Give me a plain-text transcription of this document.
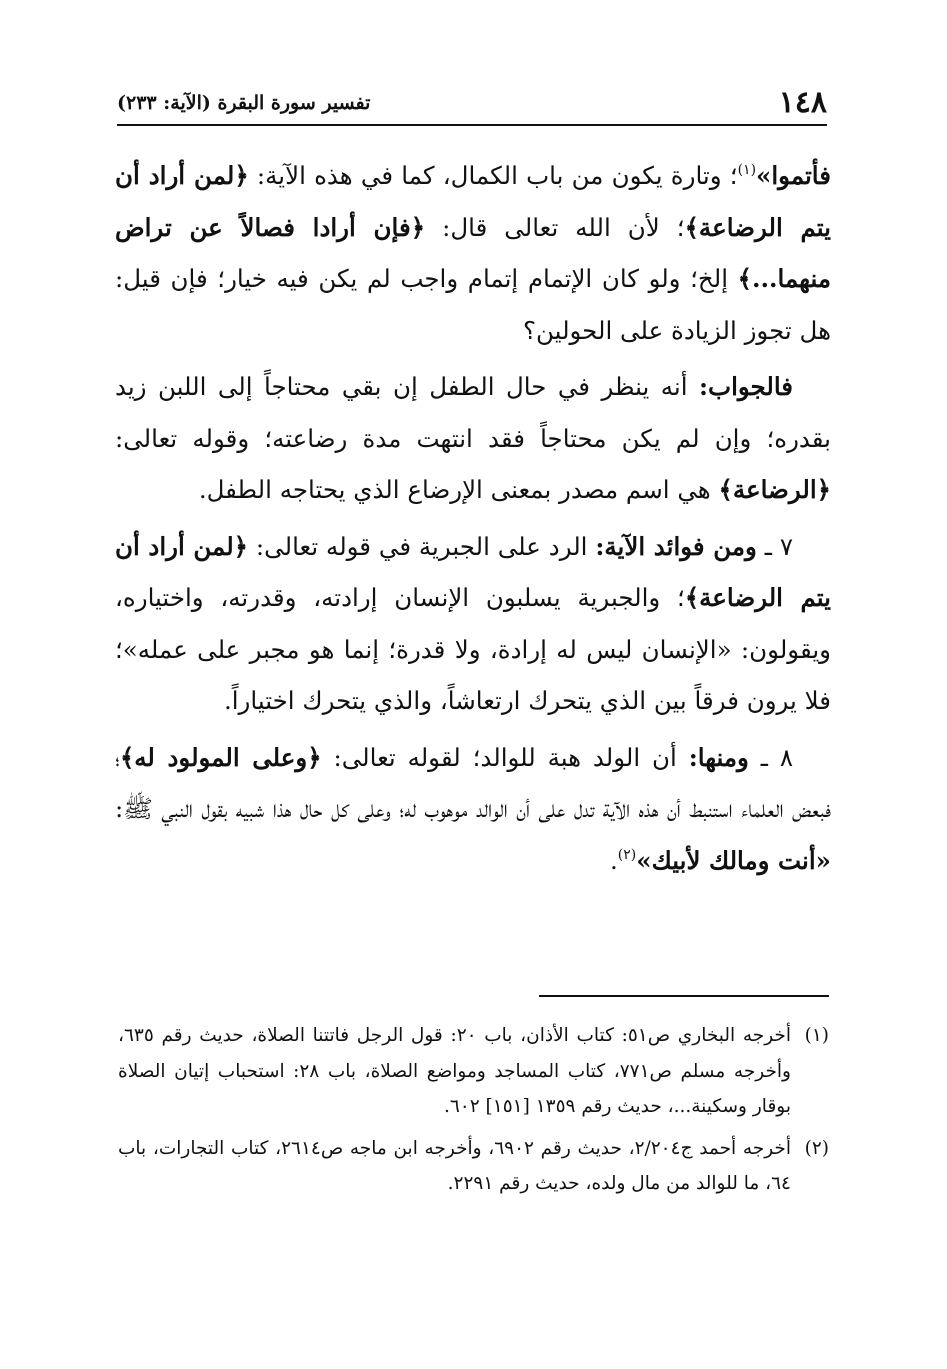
١٤٨
تفسير سورة البقرة (الآية: ٢٣٣)

فأتموا»$^{(١)}$؛ وتارة يكون من باب الكمال، كما في هذه الآية: ﴿لمن أراد أن يتم الرضاعة﴾؛ لأن الله تعالى قال: ﴿فإن أرادا فصالاً عن تراض منهما...﴾ إلخ؛ ولو كان الإتمام إتمام واجب لم يكن فيه خيار؛ فإن قيل: هل تجوز الزيادة على الحولين؟

فالجواب: أنه ينظر في حال الطفل إن بقي محتاجاً إلى اللبن زيد بقدره؛ وإن لم يكن محتاجاً فقد انتهت مدة رضاعته؛ وقوله تعالى: ﴿الرضاعة﴾ هي اسم مصدر بمعنى الإرضاع الذي يحتاجه الطفل.

٧ ـ ومن فوائد الآية: الرد على الجبرية في قوله تعالى: ﴿لمن أراد أن يتم الرضاعة﴾؛ والجبرية يسلبون الإنسان إرادته، وقدرته، واختياره، ويقولون: «الإنسان ليس له إرادة، ولا قدرة؛ إنما هو مجبر على عمله»؛ فلا يرون فرقاً بين الذي يتحرك ارتعاشاً، والذي يتحرك اختياراً.

٨ ـ ومنها: أن الولد هبة للوالد؛ لقوله تعالى: ﴿وعلى المولود له﴾؛ فبعض العلماء استنبط أن هذه الآية تدل على أن الوالد موهوب له؛ وعلى كل حال هذا شبيه بقول النبي ﷺ: «أنت ومالك لأبيك»$^{(٢)}$.

(١)
أخرجه البخاري ص٥١: كتاب الأذان، باب ٢٠: قول الرجل فاتتنا الصلاة، حديث رقم ٦٣٥، وأخرجه مسلم ص٧٧١، كتاب المساجد ومواضع الصلاة، باب ٢٨: استحباب إتيان الصلاة بوقار وسكينة...، حديث رقم ١٣٥٩ [١٥١] ٦٠٢.
(٢)
أخرجه أحمد ج٢/٢٠٤، حديث رقم ٦٩٠٢، وأخرجه ابن ماجه ص٢٦١٤، كتاب التجارات، باب ٦٤، ما للوالد من مال ولده، حديث رقم ٢٢٩١.
